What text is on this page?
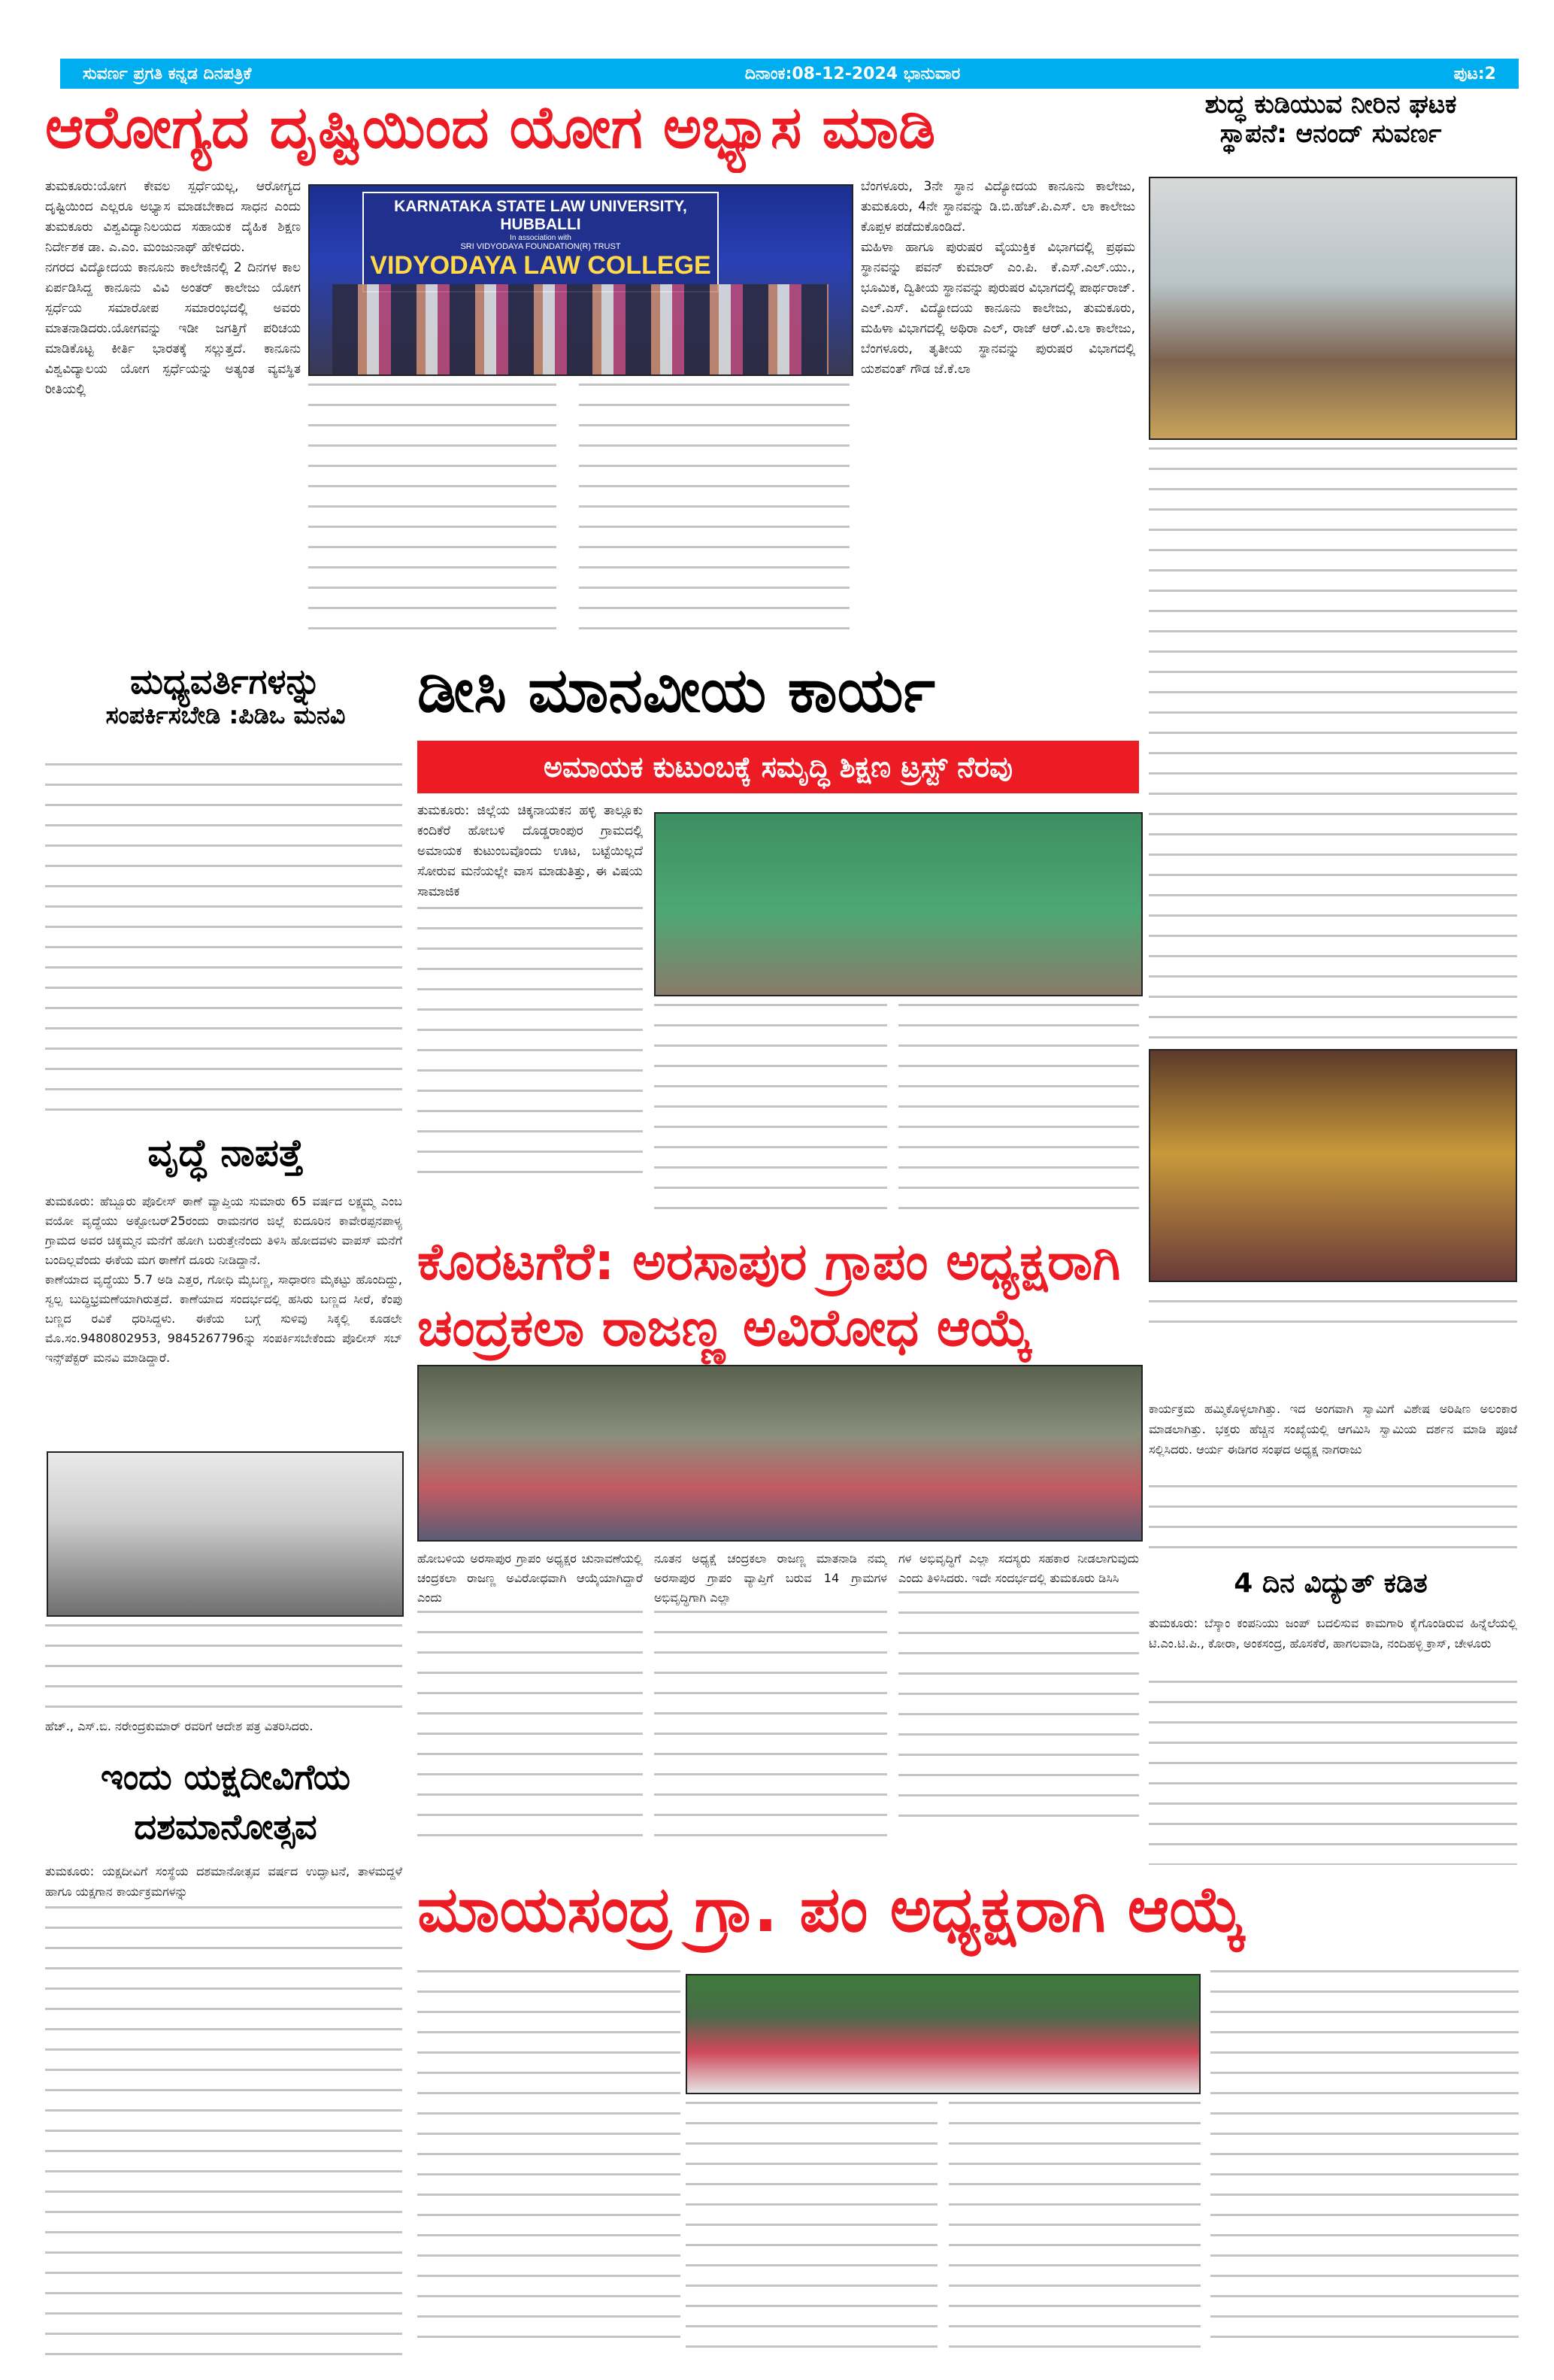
ಸುವರ್ಣ ಪ್ರಗತಿ ಕನ್ನಡ ದಿನಪತ್ರಿಕೆ	ದಿನಾಂಕ:08-12-2024 ಭಾನುವಾರ	ಪುಟ:2
ಆರೋಗ್ಯದ ದೃಷ್ಟಿಯಿಂದ ಯೋಗ ಅಭ್ಯಾಸ ಮಾಡಿ

ತುಮಕೂರು:ಯೋಗ ಕೇವಲ ಸ್ಪರ್ಧೆಯಲ್ಲ, ಆರೋಗ್ಯದ ದೃಷ್ಟಿಯಿಂದ ಎಲ್ಲರೂ ಅಭ್ಯಾಸ ಮಾಡಬೇಕಾದ ಸಾಧನ ಎಂದು ತುಮಕೂರು ವಿಶ್ವವಿದ್ಯಾನಿಲಯದ ಸಹಾಯಕ ದೈಹಿಕ ಶಿಕ್ಷಣ ನಿರ್ದೇಶಕ ಡಾ. ಎ.ಎಂ. ಮಂಜುನಾಥ್ ಹೇಳಿದರು.

ನಗರದ ವಿದ್ಯೋದಯ ಕಾನೂನು ಕಾಲೇಜಿನಲ್ಲಿ 2 ದಿನಗಳ ಕಾಲ ಏರ್ಪಡಿಸಿದ್ದ ಕಾನೂನು ವಿವಿ ಅಂತರ್ ಕಾಲೇಜು ಯೋಗ ಸ್ಪರ್ಧೆಯ ಸಮಾರೋಪ ಸಮಾರಂಭದಲ್ಲಿ ಅವರು ಮಾತನಾಡಿದರು.ಯೋಗವನ್ನು ಇಡೀ ಜಗತ್ತಿಗೆ ಪರಿಚಯ ಮಾಡಿಕೊಟ್ಟ ಕೀರ್ತಿ ಭಾರತಕ್ಕೆ ಸಲ್ಲುತ್ತದೆ. ಕಾನೂನು ವಿಶ್ವವಿದ್ಯಾಲಯ ಯೋಗ ಸ್ಪರ್ಧೆಯನ್ನು ಅತ್ಯಂತ ವ್ಯವಸ್ಥಿತ ರೀತಿಯಲ್ಲಿ

KARNATAKA STATE LAW UNIVERSITY, HUBBALLI
In association with
SRI VIDYODAYA FOUNDATION(R) TRUST
VIDYODAYA LAW COLLEGE

ಬೆಂಗಳೂರು, 3ನೇ ಸ್ಥಾನ ವಿದ್ಯೋದಯ ಕಾನೂನು ಕಾಲೇಜು, ತುಮಕೂರು, 4ನೇ ಸ್ಥಾನವನ್ನು ಡಿ.ಬಿ.ಹೆಚ್.ಪಿ.ಎಸ್. ಲಾ ಕಾಲೇಜು ಕೊಪ್ಪಳ ಪಡೆದುಕೊಂಡಿದೆ.

ಮಹಿಳಾ ಹಾಗೂ ಪುರುಷರ ವೈಯುಕ್ತಿಕ ವಿಭಾಗದಲ್ಲಿ ಪ್ರಥಮ ಸ್ಥಾನವನ್ನು ಪವನ್ ಕುಮಾರ್ ಎಂ.ಪಿ. ಕೆ.ಎಸ್.ಎಲ್.ಯು., ಭೂಮಿಕ, ದ್ವಿತೀಯ ಸ್ಥಾನವನ್ನು ಪುರುಷರ ವಿಭಾಗದಲ್ಲಿ ಪಾರ್ಥರಾಜ್. ಎಲ್.ಎಸ್. ವಿದ್ಯೋದಯ ಕಾನೂನು ಕಾಲೇಜು, ತುಮಕೂರು, ಮಹಿಳಾ ವಿಭಾಗದಲ್ಲಿ ಅಥಿರಾ ಎಲ್, ರಾಜ್ ಆರ್.ವಿ.ಲಾ ಕಾಲೇಜು, ಬೆಂಗಳೂರು, ತೃತೀಯ ಸ್ಥಾನವನ್ನು ಪುರುಷರ ವಿಭಾಗದಲ್ಲಿ ಯಶವಂತ್ ಗೌಡ ಜೆ.ಕೆ.ಲಾ

ಶುದ್ಧ ಕುಡಿಯುವ ನೀರಿನ ಘಟಕ
ಸ್ಥಾಪನೆ: ಆನಂದ್ ಸುವರ್ಣ
ಮಧ್ಯವರ್ತಿಗಳನ್ನು
ಸಂಪರ್ಕಿಸಬೇಡಿ :ಪಿಡಿಒ ಮನವಿ	ಡೀಸಿ ಮಾನವೀಯ ಕಾರ್ಯ
ಅಮಾಯಕ ಕುಟುಂಬಕ್ಕೆ ಸಮೃದ್ಧಿ ಶಿಕ್ಷಣ ಟ್ರಸ್ಟ್ ನೆರವು

ತುಮಕೂರು: ಜಿಲ್ಲೆಯ ಚಿಕ್ಕನಾಯಕನ ಹಳ್ಳಿ ತಾಲ್ಲೂಕು ಕಂದಿಕೆರೆ ಹೋಬಳಿ ದೊಡ್ಡರಾಂಪುರ ಗ್ರಾಮದಲ್ಲಿ ಅಮಾಯಕ ಕುಟುಂಬವೊಂದು ಊಟ, ಬಟ್ಟೆಯಿಲ್ಲದೆ ಸೋರುವ ಮನೆಯಲ್ಲೇ ವಾಸ ಮಾಡುತಿತ್ತು, ಈ ವಿಷಯ ಸಾಮಾಜಿಕ

ವೃದ್ಧೆ ನಾಪತ್ತೆ

ತುಮಕೂರು: ಹೆಬ್ಬೂರು ಪೊಲೀಸ್ ಠಾಣೆ ವ್ಯಾಪ್ತಿಯ ಸುಮಾರು 65 ವರ್ಷದ ಲಕ್ಷ್ಮಮ್ಮ ಎಂಬ ವಯೋ ವೃದ್ಧೆಯು ಅಕ್ಟೋಬರ್25ರಂದು ರಾಮನಗರ ಜಿಲ್ಲೆ ಕುದೂರಿನ ಕಾವೇರಪ್ಪನಪಾಳ್ಯ ಗ್ರಾಮದ ಅವರ ಚಿಕ್ಕಮ್ಮನ ಮನೆಗೆ ಹೋಗಿ ಬರುತ್ತೇನೆಂದು ತಿಳಿಸಿ ಹೋದವಳು ವಾಪಸ್ ಮನೆಗೆ ಬಂದಿಲ್ಲವೆಂದು ಈಕೆಯ ಮಗ ಠಾಣೆಗೆ ದೂರು ನೀಡಿದ್ದಾನೆ.

ಕಾಣೆಯಾದ ವೃದ್ಧೆಯು 5.7 ಅಡಿ ಎತ್ತರ, ಗೋಧಿ ಮೈಬಣ್ಣ, ಸಾಧಾರಣ ಮೈಕಟ್ಟು ಹೊಂದಿದ್ದು, ಸ್ವಲ್ಪ ಬುದ್ಧಿಭ್ರಮಣೆಯಾಗಿರುತ್ತದೆ. ಕಾಣೆಯಾದ ಸಂದರ್ಭದಲ್ಲಿ ಹಸಿರು ಬಣ್ಣದ ಸೀರೆ, ಕೆಂಪು ಬಣ್ಣದ ರವಿಕೆ ಧರಿಸಿದ್ದಳು. ಈಕೆಯ ಬಗ್ಗೆ ಸುಳಿವು ಸಿಕ್ಕಲ್ಲಿ ಕೂಡಲೇ ಮೊ.ಸಂ.9480802953, 9845267796ನ್ನು ಸಂಪರ್ಕಿಸಬೇಕೆಂದು ಪೊಲೀಸ್ ಸಬ್ ಇನ್ಸ್‌ಪೆಕ್ಟರ್ ಮನವಿ ಮಾಡಿದ್ದಾರೆ.

ಕೊರಟಗೆರೆ: ಅರಸಾಪುರ ಗ್ರಾಪಂ ಅಧ್ಯಕ್ಷರಾಗಿ
ಚಂದ್ರಕಲಾ ರಾಜಣ್ಣ ಅವಿರೋಧ ಆಯ್ಕೆ

ಹೋಬಳಿಯ ಅರಸಾಪುರ ಗ್ರಾಪಂ ಅಧ್ಯಕ್ಷರ ಚುನಾವಣೆಯಲ್ಲಿ ಚಂದ್ರಕಲಾ ರಾಜಣ್ಣ ಅವಿರೋಧವಾಗಿ ಆಯ್ಕೆಯಾಗಿದ್ದಾರೆ ಎಂದು

ನೂತನ ಅಧ್ಯಕ್ಷೆ ಚಂದ್ರಕಲಾ ರಾಜಣ್ಣ ಮಾತನಾಡಿ ನಮ್ಮ ಅರಸಾಪುರ ಗ್ರಾಪಂ ವ್ಯಾಪ್ತಿಗೆ ಬರುವ 14 ಗ್ರಾಮಗಳ ಅಭಿವೃದ್ಧಿಗಾಗಿ ಎಲ್ಲಾ

ಗಳ ಅಭಿವೃದ್ಧಿಗೆ ಎಲ್ಲಾ ಸದಸ್ಯರು ಸಹಕಾರ ನೀಡಲಾಗುವುದು ಎಂದು ತಿಳಿಸಿದರು. ಇದೇ ಸಂದರ್ಭದಲ್ಲಿ ತುಮಕೂರು ಡಿಸಿಸಿ

ಕಾರ್ಯಕ್ರಮ ಹಮ್ಮಿಕೊಳ್ಳಲಾಗಿತ್ತು. ಇದ ಅಂಗವಾಗಿ ಸ್ವಾಮಿಗೆ ವಿಶೇಷ ಅರಿಷಿಣ ಅಲಂಕಾರ ಮಾಡಲಾಗಿತ್ತು. ಭಕ್ತರು ಹೆಚ್ಚಿನ ಸಂಖ್ಯೆಯಲ್ಲಿ ಆಗಮಿಸಿ ಸ್ವಾಮಿಯ ದರ್ಶನ ಮಾಡಿ ಪೂಜೆ ಸಲ್ಲಿಸಿದರು. ಆರ್ಯ ಈಡಿಗರ ಸಂಘದ ಅಧ್ಯಕ್ಷ ನಾಗರಾಜು
4 ದಿನ ವಿದ್ಯುತ್ ಕಡಿತ
ತುಮಕೂರು: ಬೆಸ್ಕಾಂ ಕಂಪನಿಯು ಜಂಪ್ ಬದಲಿಸುವ ಕಾಮಗಾರಿ ಕೈಗೊಂಡಿರುವ ಹಿನ್ನೆಲೆಯಲ್ಲಿ ಟಿ.ಎಂ.ಟಿ.ಪಿ., ಕೋರಾ, ಅಂಕಸಂದ್ರ, ಹೊಸಕೆರೆ, ಹಾಗಲವಾಡಿ, ನಂದಿಹಳ್ಳಿ ಕ್ರಾಸ್, ಚೇಳೂರು
ಹೆಚ್., ಎಸ್.ಬಿ. ನರೇಂದ್ರಕುಮಾರ್ ರವರಿಗೆ ಆದೇಶ ಪತ್ರ ವಿತರಿಸಿದರು.
ಇಂದು ಯಕ್ಷದೀವಿಗೆಯ
ದಶಮಾನೋತ್ಸವ
ತುಮಕೂರು: ಯಕ್ಷದೀವಿಗೆ ಸಂಸ್ಥೆಯ ದಶಮಾನೋತ್ಸವ ವರ್ಷದ ಉದ್ಘಾಟನೆ, ತಾಳಮದ್ದಳೆ ಹಾಗೂ ಯಕ್ಷಗಾನ ಕಾರ್ಯಕ್ರಮಗಳನ್ನು	ಮಾಯಸಂದ್ರ ಗ್ರಾ. ಪಂ ಅಧ್ಯಕ್ಷರಾಗಿ ಆಯ್ಕೆ
